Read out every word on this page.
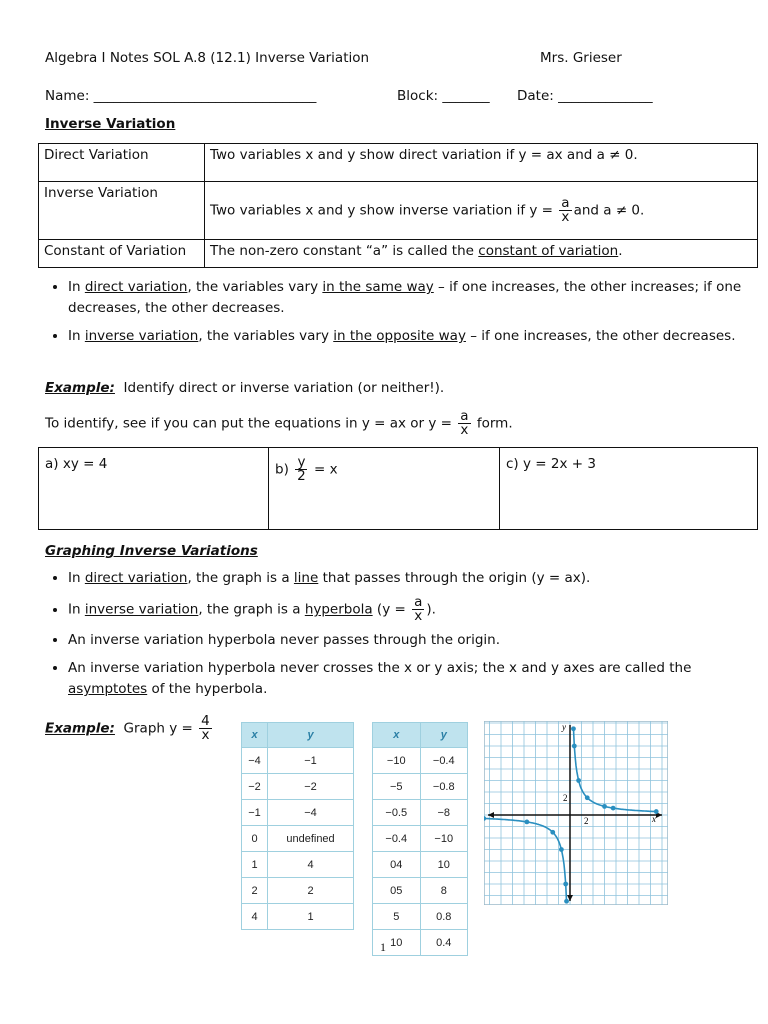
Algebra I Notes SOL A.8 (12.1) Inverse Variation	Mrs. Grieser
Name: _________________________________	Block: _______ Date: ______________
Inverse Variation
Direct Variation	Two variables x and y show direct variation if y = ax and a ≠ 0.
Inverse Variation	Two variables x and y show inverse variation if $y = \frac{a}{x}$ and a ≠ 0.
Constant of Variation	The non-zero constant “a” is called the constant of variation.
• In direct variation, the variables vary in the same way – if one increases, the other increases; if one decreases, the other decreases.
• In inverse variation, the variables vary in the opposite way – if one increases, the other decreases.
Example: Identify direct or inverse variation (or neither!).
To identify, see if you can put the equations in y = ax or $y = \frac{a}{x}$ form.
a) xy = 4	$b) \frac{y}{2} = x$	c) y = 2x + 3
Graphing Inverse Variations
• In direct variation, the graph is a line that passes through the origin (y = ax).
• In inverse variation, the graph is a hyperbola ($y = \frac{a}{x}$ ).
• An inverse variation hyperbola never passes through the origin.
• An inverse variation hyperbola never crosses the x or y axis; the x and y axes are called the asymptotes of the hyperbola.
Example: Graph $y = \frac{4}{x}$	x	y
−4	−1
−2	−2
−1	−4
0	undefined
1	4
2	2
4	1
x	y
−10	−0.4
−5	−0.8
−0.5	−8
−0.4	−10
04	10
05	8
5	0.8
10	0.4
x
y
2
2
1
